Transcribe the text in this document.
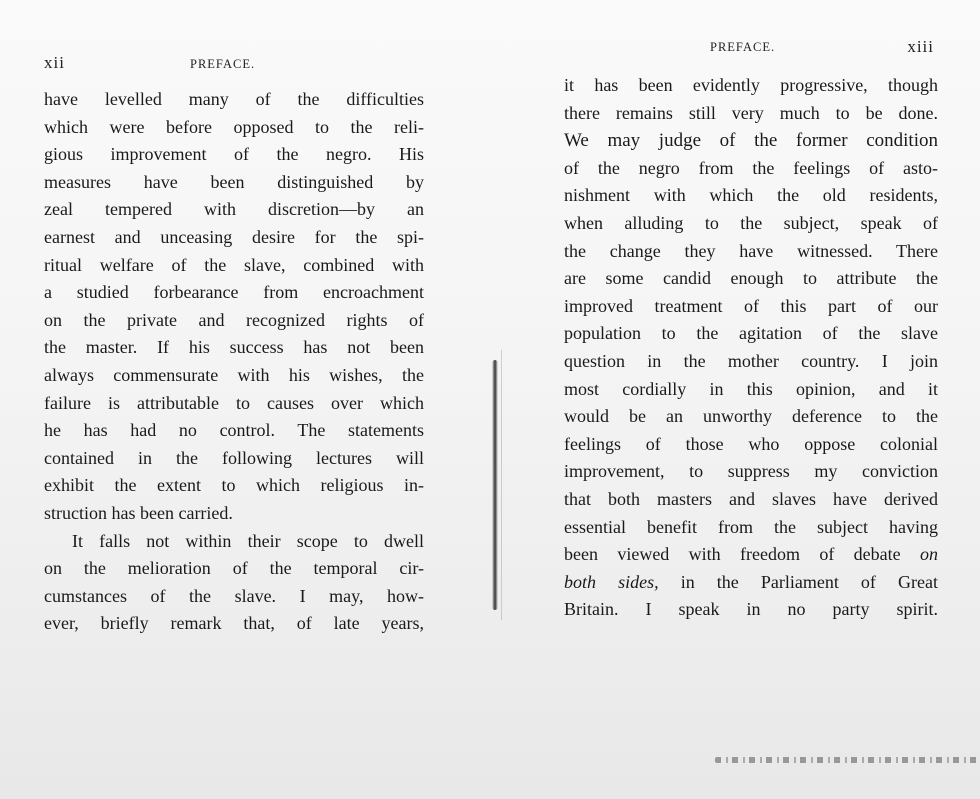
xii	PREFACE.
have levelled many of the difficulties
which were before opposed to the reli-
gious improvement of the negro. His
measures have been distinguished by
zeal tempered with discretion—by an
earnest and unceasing desire for the spi-
ritual welfare of the slave, combined with
a studied forbearance from encroachment
on the private and recognized rights of
the master. If his success has not been
always commensurate with his wishes, the
failure is attributable to causes over which
he has had no control. The statements
contained in the following lectures will
exhibit the extent to which religious in-
struction has been carried.
It falls not within their scope to dwell
on the melioration of the temporal cir-
cumstances of the slave. I may, how-
ever, briefly remark that, of late years,
PREFACE.	xiii
it has been evidently progressive, though
there remains still very much to be done.
We may judge of the former condition
of the negro from the feelings of asto-
nishment with which the old residents,
when alluding to the subject, speak of
the change they have witnessed. There
are some candid enough to attribute the
improved treatment of this part of our
population to the agitation of the slave
question in the mother country. I join
most cordially in this opinion, and it
would be an unworthy deference to the
feelings of those who oppose colonial
improvement, to suppress my conviction
that both masters and slaves have derived
essential benefit from the subject having
been viewed with freedom of debate on
both sides, in the Parliament of Great
Britain. I speak in no party spirit.
